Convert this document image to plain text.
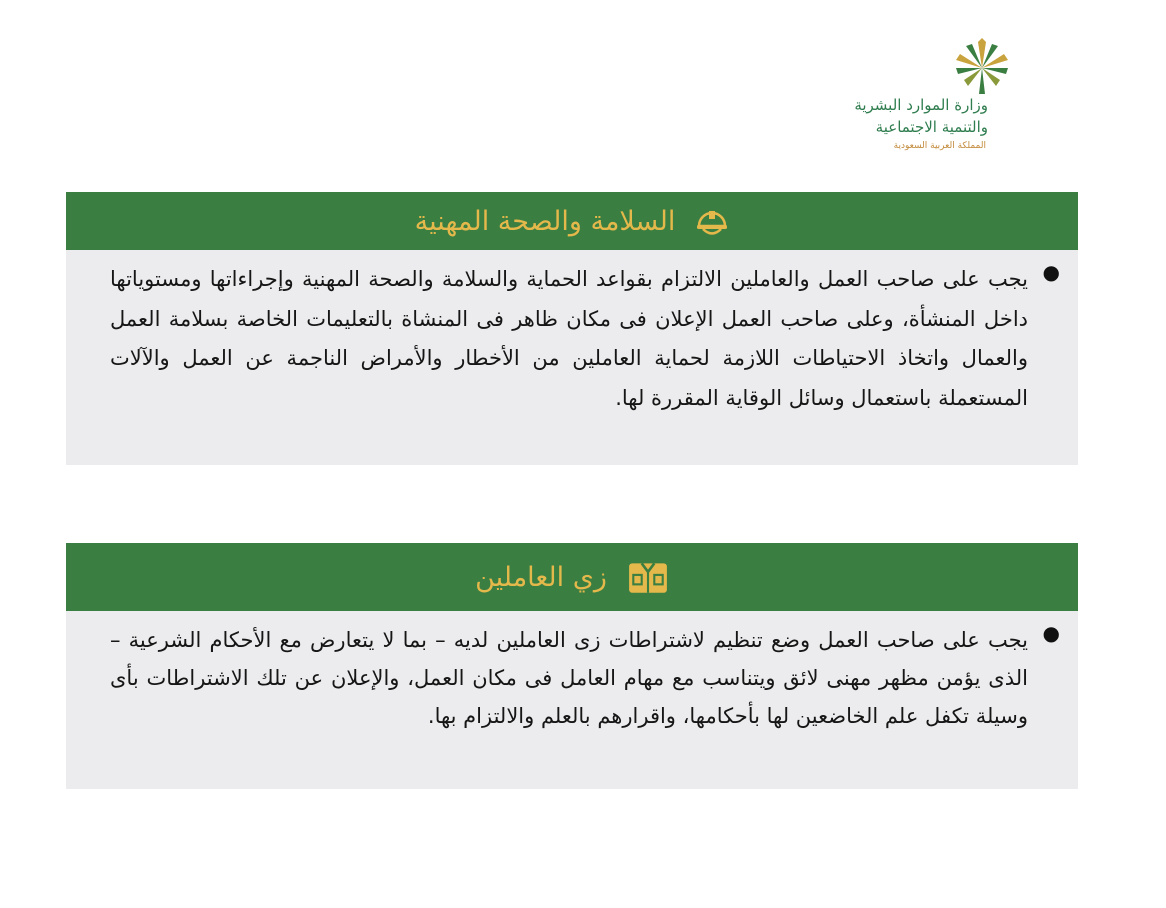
وزارة الموارد البشرية
والتنمية الاجتماعية
المملكة العربية السعودية
السلامة والصحة المهنية
●

يجب على صاحب العمل والعاملين الالتزام بقواعد الحماية والسلامة والصحة المهنية وإجراءاتها ومستوياتها داخل المنشأة، وعلى صاحب العمل الإعلان فى مكان ظاهر فى المنشاة بالتعليمات الخاصة بسلامة العمل والعمال واتخاذ الاحتياطات اللازمة لحماية العاملين من الأخطار والأمراض الناجمة عن العمل والآلات المستعملة باستعمال وسائل الوقاية المقررة لها.

زي العاملين
●

يجب على صاحب العمل وضع تنظيم لاشتراطات زى العاملين لديه – بما لا يتعارض مع الأحكام الشرعية – الذى يؤمن مظهر مهنى لائق ويتناسب مع مهام العامل فى مكان العمل، والإعلان عن تلك الاشتراطات بأى وسيلة تكفل علم الخاضعين لها بأحكامها، واقرارهم بالعلم والالتزام بها.
